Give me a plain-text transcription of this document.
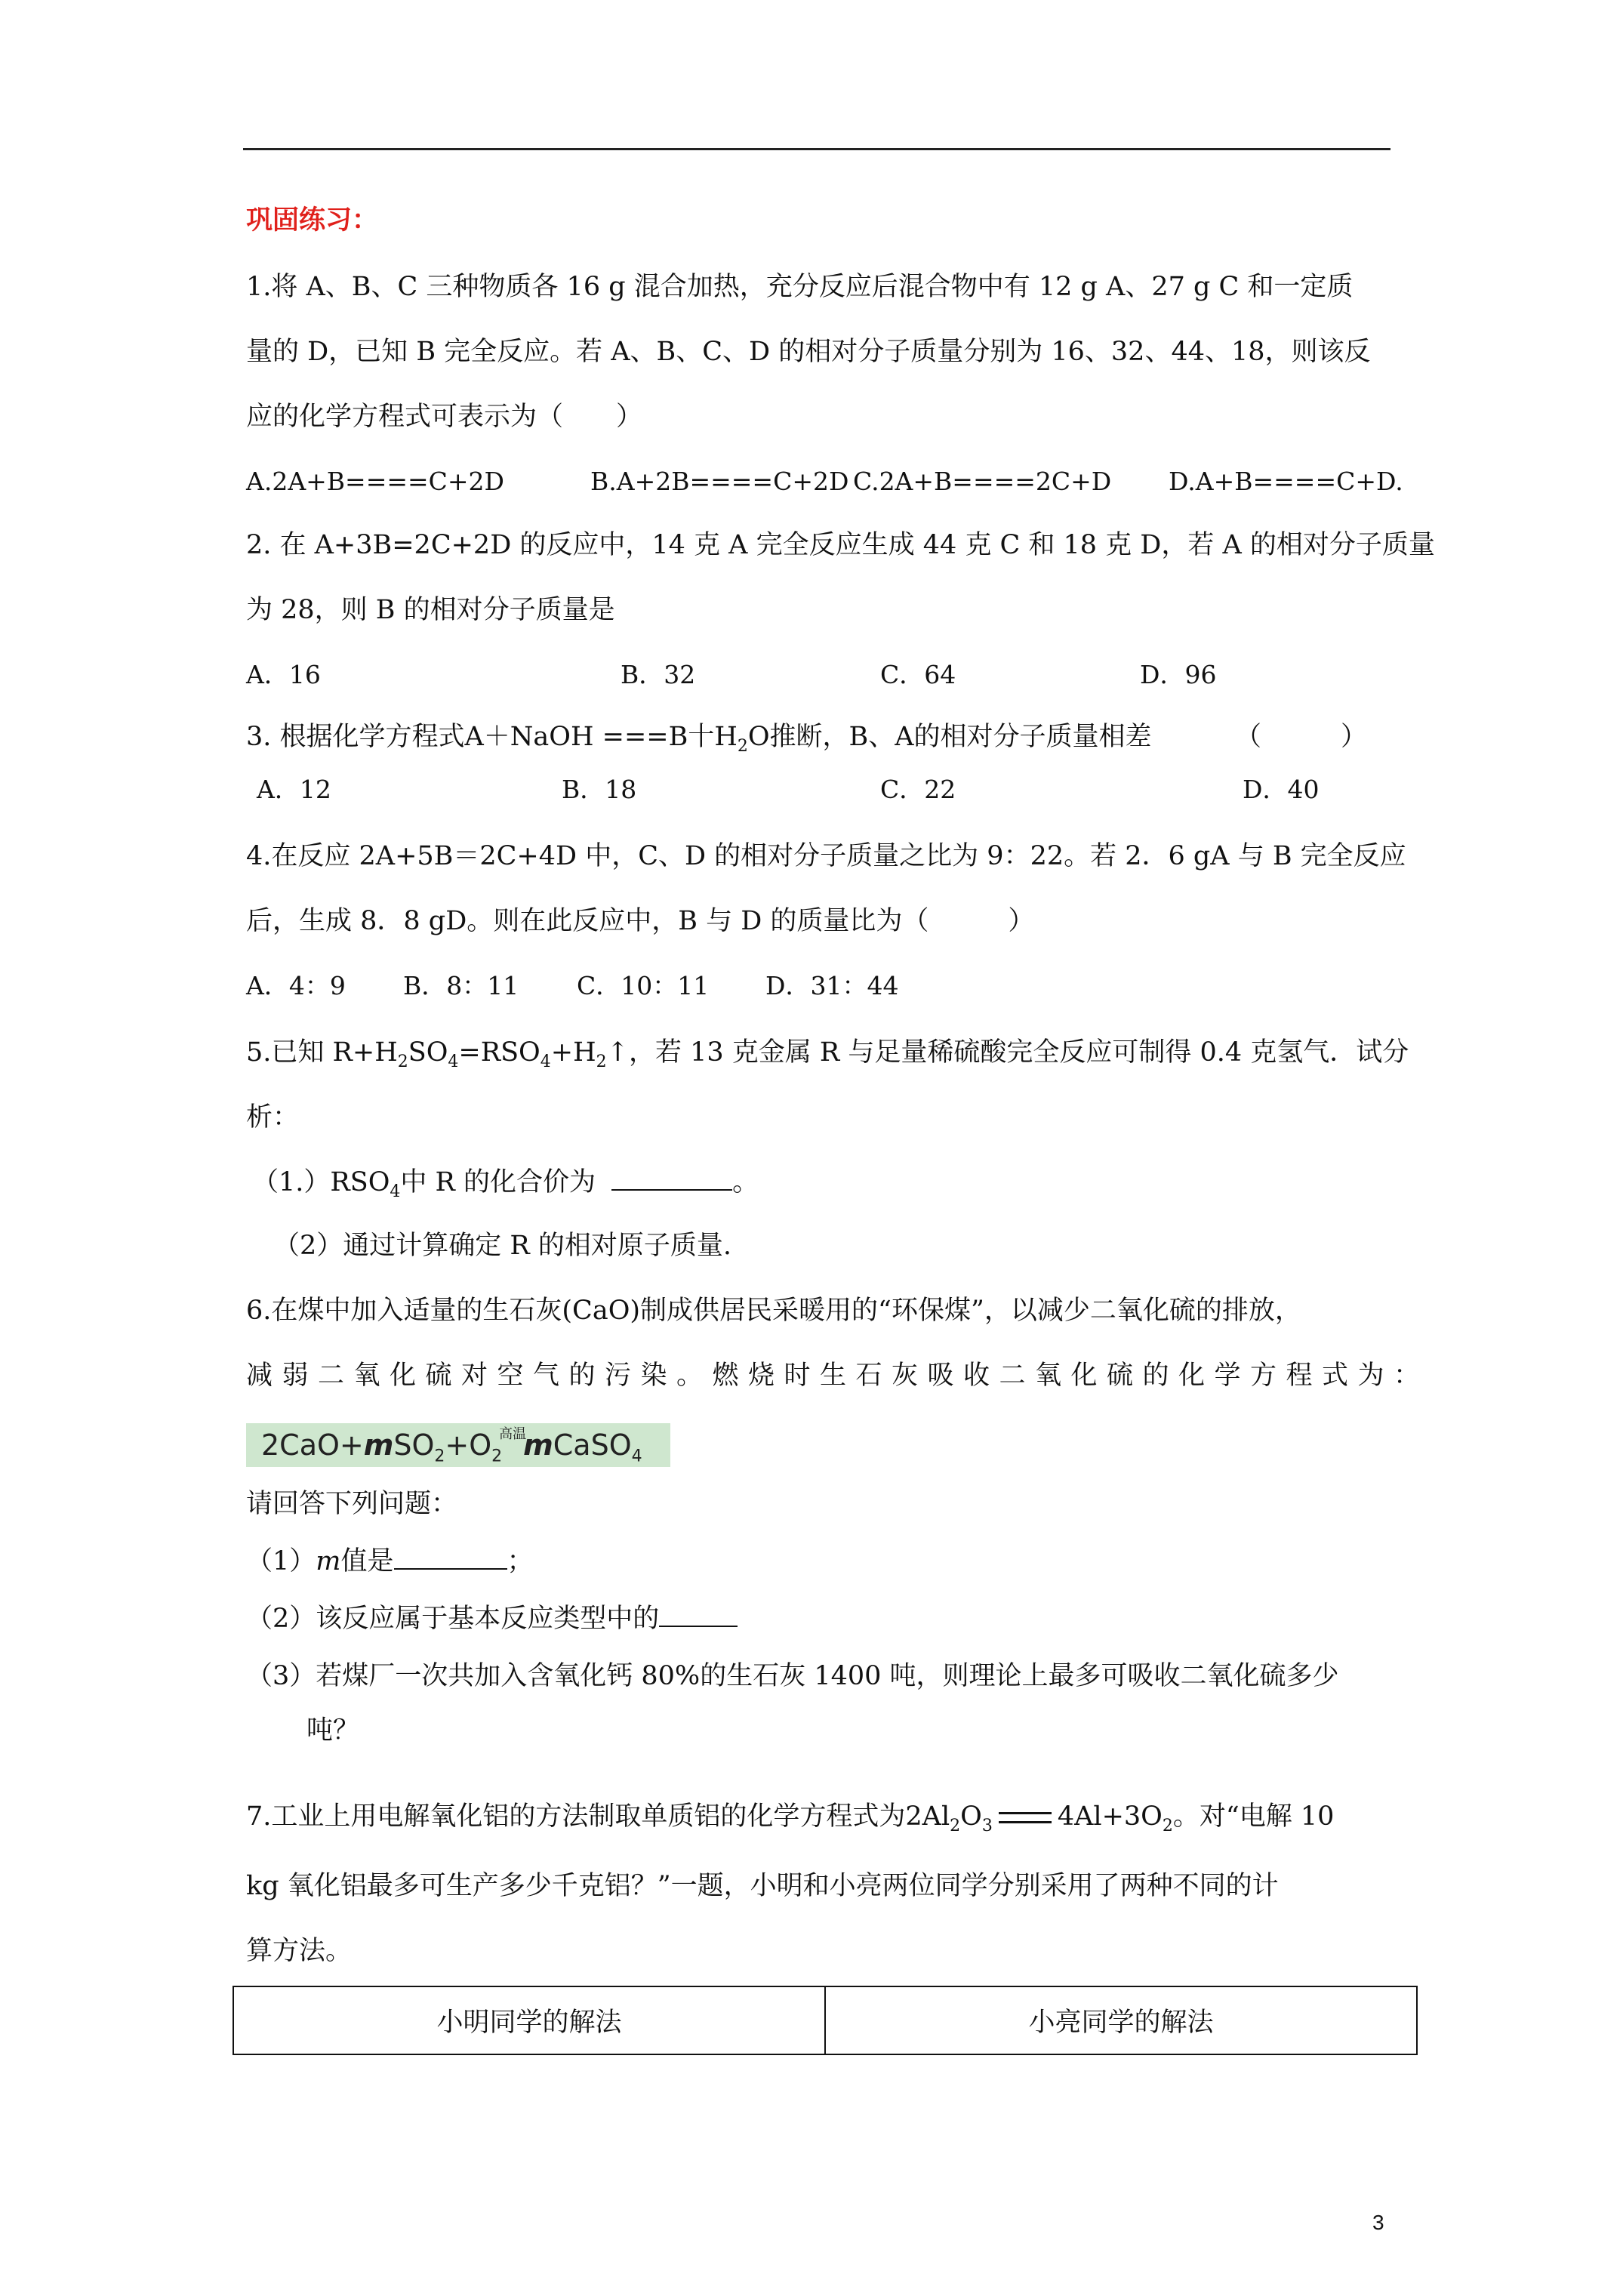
巩固练习：
1.将 A、B、C 三种物质各 16 g 混合加热，充分反应后混合物中有 12 g A、27 g C 和一定质
量的 D，已知 B 完全反应。若 A、B、C、D 的相对分子质量分别为 16、32、44、18，则该反
应的化学方程式可表示为（　　）
A.2A+B====C+2D	B.A+2B====C+2D C.2A+B====2C+D D.A+B====C+D.
2. 在 A+3B=2C+2D 的反应中，14 克 A 完全反应生成 44 克 C 和 18 克 D，若 A 的相对分子质量
为 28，则 B 的相对分子质量是
A．16	B．32	C．64	D．96
3. 根据化学方程式A＋NaOH ===B十$H_2O$推断，B、A的相对分子质量相差	（　　　）
A．12	B．18	C．22	D．40
4.在反应 2A+5B＝2C+4D 中，C、D 的相对分子质量之比为 9：22。若 2．6 gA 与 B 完全反应
后，生成 8．8 gD。则在此反应中，B 与 D 的质量比为（　　　）
A．4：9 B．8：11 C．10：11 D．31：44
5.已知 $R+H_2SO_4=RSO_4+H_2↑$，若 13 克金属 R 与足量稀硫酸完全反应可制得 0.4 克氢气．试分
析：
$(1.)RSO_4$中 R 的化合价为	。
（2）通过计算确定 R 的相对原子质量.
6.在煤中加入适量的生石灰(CaO)制成供居民采暖用的“环保煤”，以减少二氧化硫的排放，
减弱二氧化硫对空气的污染。燃烧时生石灰吸收二氧化硫的化学方程式为：
$2CaO+mSO_2+O_2^{高温}mCaSO_4$
请回答下列问题：
（1）m值是	；
（2）该反应属于基本反应类型中的
（3）若煤厂一次共加入含氧化钙 80%的生石灰 1400 吨，则理论上最多可吸收二氧化硫多少
吨？
7.工业上用电解氧化铝的方法制取单质铝的化学方程式为$2Al_2O_3$ $4Al+3O_2$。对“电解 10
kg 氧化铝最多可生产多少千克铝？”一题，小明和小亮两位同学分别采用了两种不同的计
算方法。
小明同学的解法	小亮同学的解法
3
